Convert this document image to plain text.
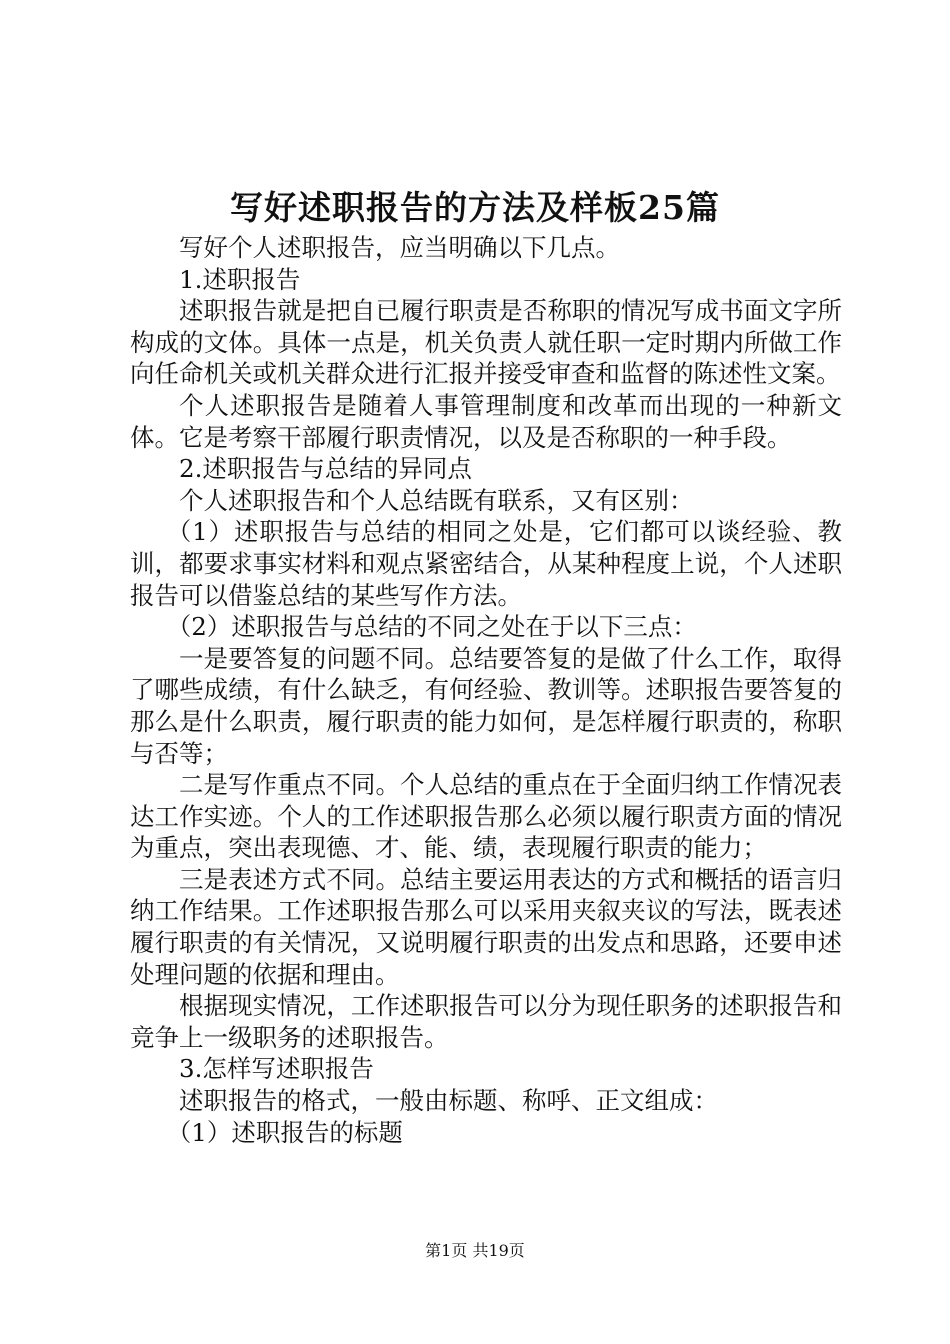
写好述职报告的方法及样板25篇

写好个人述职报告，应当明确以下几点。

1.述职报告

述职报告就是把自已履行职责是否称职的情况写成书面文字所构成的文体。具体一点是，机关负责人就任职一定时期内所做工作向任命机关或机关群众进行汇报并接受审查和监督的陈述性文案。

个人述职报告是随着人事管理制度和改革而出现的一种新文体。它是考察干部履行职责情况，以及是否称职的一种手段。

2.述职报告与总结的异同点

个人述职报告和个人总结既有联系，又有区别：

（1）述职报告与总结的相同之处是，它们都可以谈经验、教训，都要求事实材料和观点紧密结合，从某种程度上说，个人述职报告可以借鉴总结的某些写作方法。

（2）述职报告与总结的不同之处在于以下三点：

一是要答复的问题不同。总结要答复的是做了什么工作，取得了哪些成绩，有什么缺乏，有何经验、教训等。述职报告要答复的那么是什么职责，履行职责的能力如何，是怎样履行职责的，称职与否等；

二是写作重点不同。个人总结的重点在于全面归纳工作情况表达工作实迹。个人的工作述职报告那么必须以履行职责方面的情况为重点，突出表现德、才、能、绩，表现履行职责的能力；

三是表述方式不同。总结主要运用表达的方式和概括的语言归纳工作结果。工作述职报告那么可以采用夹叙夹议的写法，既表述履行职责的有关情况，又说明履行职责的出发点和思路，还要申述处理问题的依据和理由。

根据现实情况，工作述职报告可以分为现任职务的述职报告和竞争上一级职务的述职报告。

3.怎样写述职报告

述职报告的格式，一般由标题、称呼、正文组成：

（1）述职报告的标题

第1页 共19页
